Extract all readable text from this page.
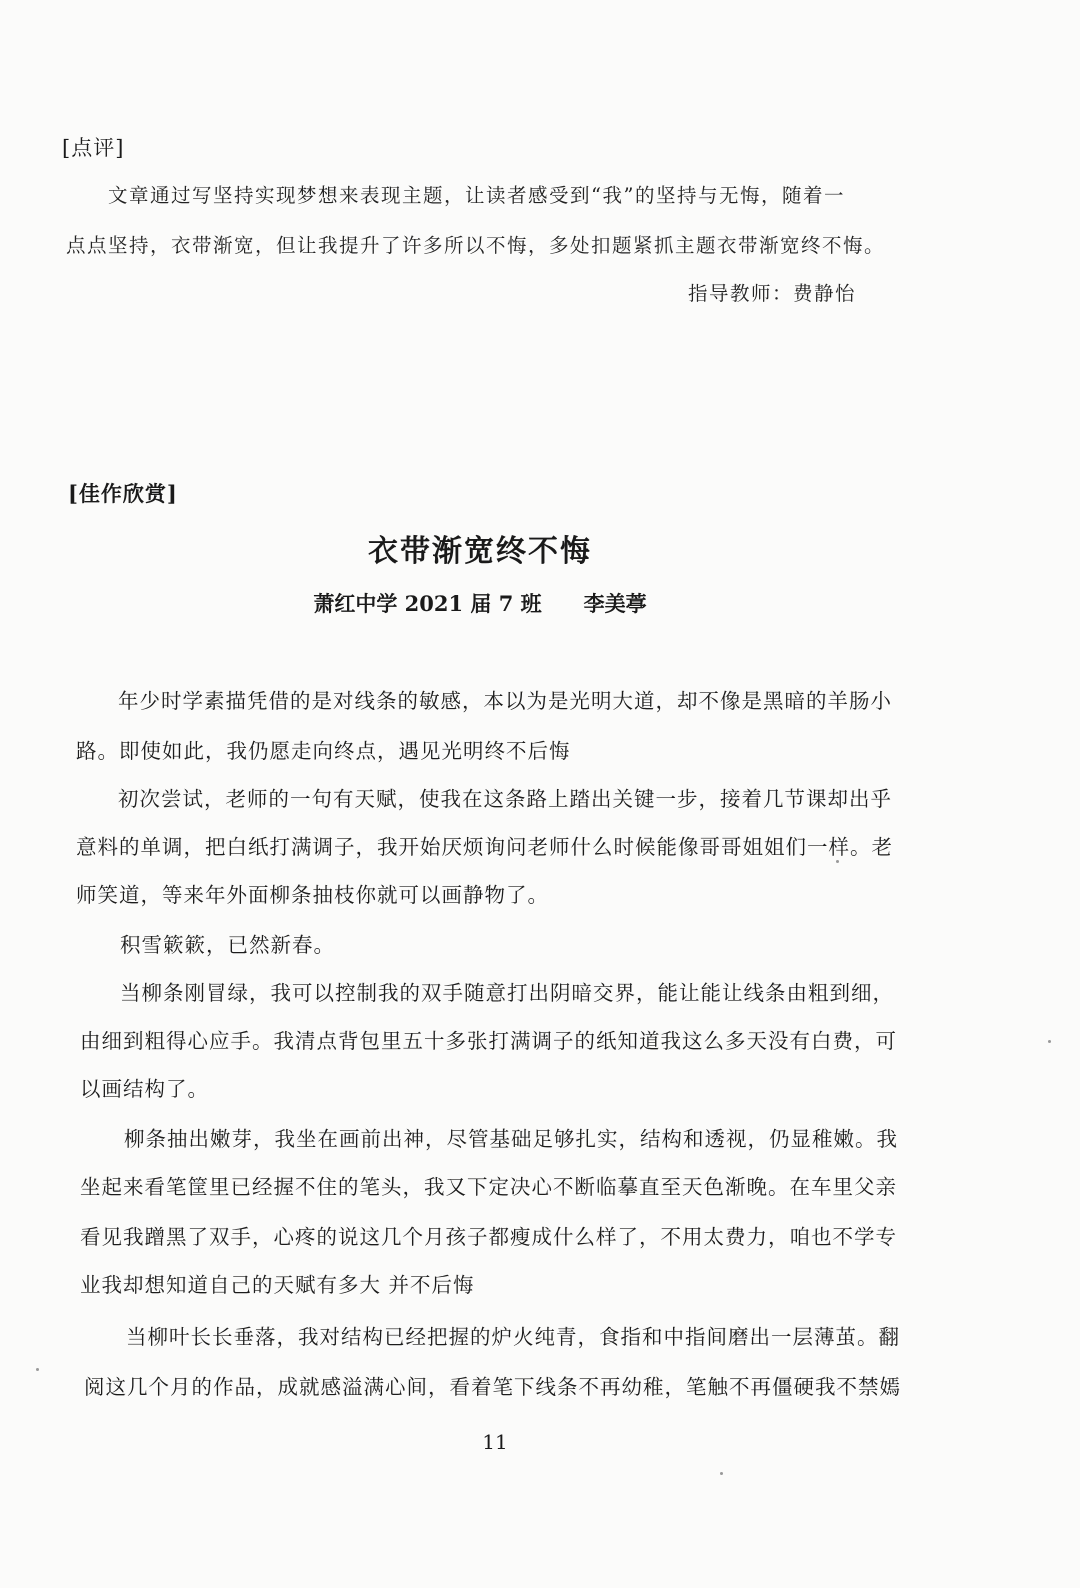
[点评]
文章通过写坚持实现梦想来表现主题，让读者感受到“我”的坚持与无悔，随着一
点点坚持，衣带渐宽，但让我提升了许多所以不悔，多处扣题紧抓主题衣带渐宽终不悔。
指导教师：费静怡
[佳作欣赏]
衣带渐宽终不悔
萧红中学 2021 届 7 班 李美葶
年少时学素描凭借的是对线条的敏感，本以为是光明大道，却不像是黑暗的羊肠小
路。即使如此，我仍愿走向终点，遇见光明终不后悔
初次尝试，老师的一句有天赋，使我在这条路上踏出关键一步，接着几节课却出乎
意料的单调，把白纸打满调子，我开始厌烦询问老师什么时候能像哥哥姐姐们一样。老
师笑道，等来年外面柳条抽枝你就可以画静物了。
积雪簌簌，已然新春。
当柳条刚冒绿，我可以控制我的双手随意打出阴暗交界，能让能让线条由粗到细，
由细到粗得心应手。我清点背包里五十多张打满调子的纸知道我这么多天没有白费，可
以画结构了。
柳条抽出嫩芽，我坐在画前出神，尽管基础足够扎实，结构和透视，仍显稚嫩。我
坐起来看笔筐里已经握不住的笔头，我又下定决心不断临摹直至天色渐晚。在车里父亲
看见我蹭黑了双手，心疼的说这几个月孩子都瘦成什么样了，不用太费力，咱也不学专
业我却想知道自己的天赋有多大 并不后悔
当柳叶长长垂落，我对结构已经把握的炉火纯青，食指和中指间磨出一层薄茧。翻
阅这几个月的作品，成就感溢满心间，看着笔下线条不再幼稚，笔触不再僵硬我不禁嫣
11
